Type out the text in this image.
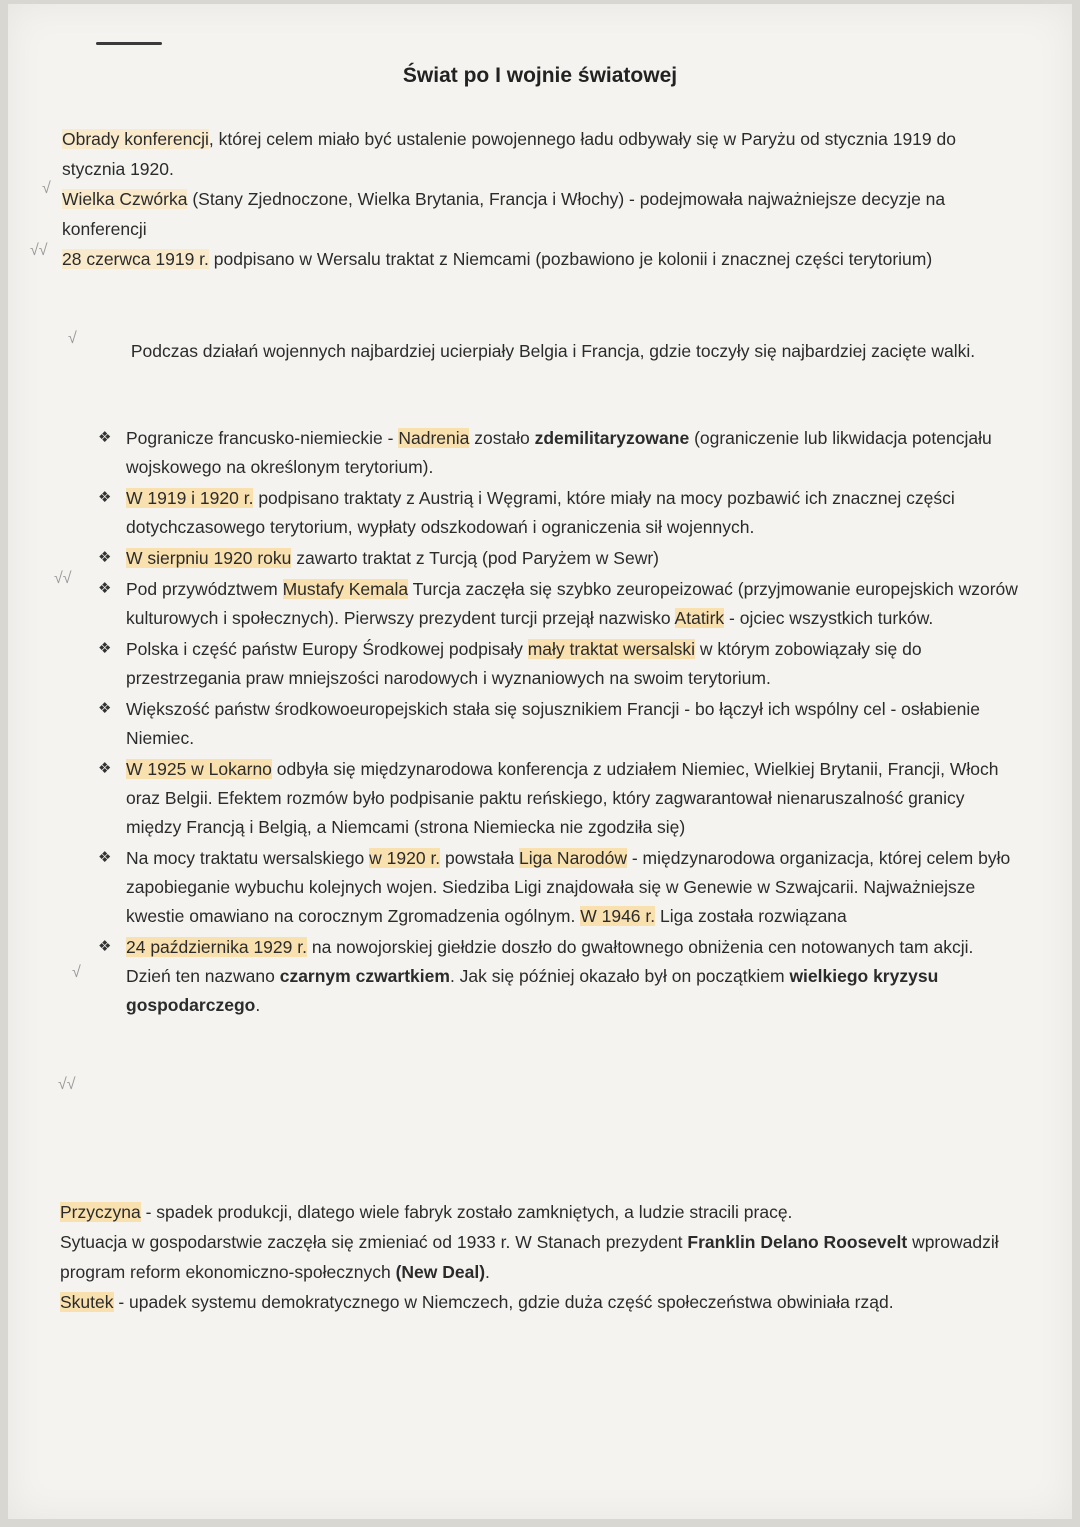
√
√√
√
√√
√
√√
Świat po I wojnie światowej

Obrady konferencji, której celem miało być ustalenie powojennego ładu odbywały się w Paryżu od stycznia 1919 do stycznia 1920.

Wielka Czwórka (Stany Zjednoczone, Wielka Brytania, Francja i Włochy) - podejmowała najważniejsze decyzje na konferencji

28 czerwca 1919 r. podpisano w Wersalu traktat z Niemcami (pozbawiono je kolonii i znacznej części terytorium)

Podczas działań wojennych najbardziej ucierpiały Belgia i Francja, gdzie toczyły się najbardziej zacięte walki.
❖ Pogranicze francusko-niemieckie - Nadrenia zostało zdemilitaryzowane (ograniczenie lub likwidacja potencjału wojskowego na określonym terytorium).
❖ W 1919 i 1920 r. podpisano traktaty z Austrią i Węgrami, które miały na mocy pozbawić ich znacznej części dotychczasowego terytorium, wypłaty odszkodowań i ograniczenia sił wojennych.
❖ W sierpniu 1920 roku zawarto traktat z Turcją (pod Paryżem w Sewr)
❖ Pod przywództwem Mustafy Kemala Turcja zaczęła się szybko zeuropeizować (przyjmowanie europejskich wzorów kulturowych i społecznych). Pierwszy prezydent turcji przejął nazwisko Atatirk - ojciec wszystkich turków.
❖ Polska i część państw Europy Środkowej podpisały mały traktat wersalski w którym zobowiązały się do przestrzegania praw mniejszości narodowych i wyznaniowych na swoim terytorium.
❖ Większość państw środkowoeuropejskich stała się sojusznikiem Francji - bo łączył ich wspólny cel - osłabienie Niemiec.
❖ W 1925 w Lokarno odbyła się międzynarodowa konferencja z udziałem Niemiec, Wielkiej Brytanii, Francji, Włoch oraz Belgii. Efektem rozmów było podpisanie paktu reńskiego, który zagwarantował nienaruszalność granicy między Francją i Belgią, a Niemcami (strona Niemiecka nie zgodziła się)
❖ Na mocy traktatu wersalskiego w 1920 r. powstała Liga Narodów - międzynarodowa organizacja, której celem było zapobieganie wybuchu kolejnych wojen. Siedziba Ligi znajdowała się w Genewie w Szwajcarii. Najważniejsze kwestie omawiano na corocznym Zgromadzenia ogólnym. W 1946 r. Liga została rozwiązana
❖ 24 października 1929 r. na nowojorskiej giełdzie doszło do gwałtownego obniżenia cen notowanych tam akcji. Dzień ten nazwano czarnym czwartkiem. Jak się później okazało był on początkiem wielkiego kryzysu gospodarczego.

Przyczyna - spadek produkcji, dlatego wiele fabryk zostało zamkniętych, a ludzie stracili pracę.

Sytuacja w gospodarstwie zaczęła się zmieniać od 1933 r. W Stanach prezydent Franklin Delano Roosevelt wprowadził program reform ekonomiczno-społecznych (New Deal).

Skutek - upadek systemu demokratycznego w Niemczech, gdzie duża część społeczeństwa obwiniała rząd.
